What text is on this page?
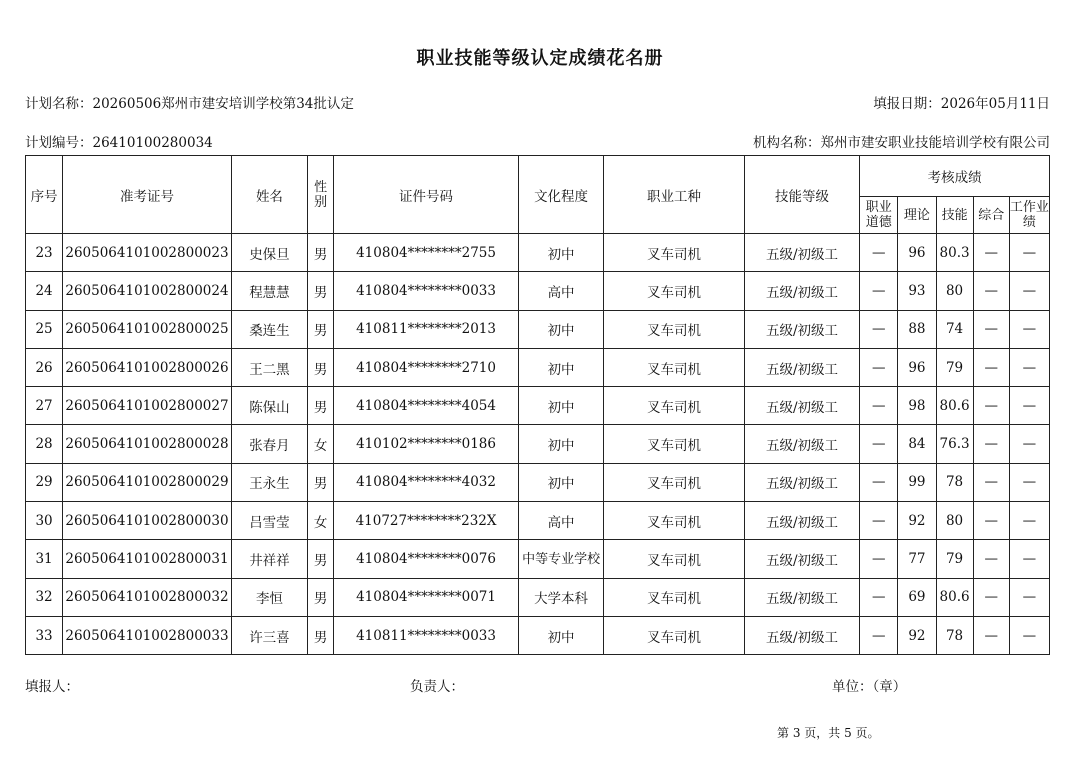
职业技能等级认定成绩花名册
计划名称：20260506郑州市建安培训学校第34批认定	填报日期：2026年05月11日
计划编号：26410100280034	机构名称：郑州市建安职业技能培训学校有限公司
序号	准考证号	姓名	性别	证件号码	文化程度	职业工种	技能等级	考核成绩				
								职业道德	理论	技能	综合	工作业绩
23	2605064101002800023	史保旦	男	410804********2755	初中	叉车司机	五级/初级工	—	96	80.3	—	—
24	2605064101002800024	程慧慧	男	410804********0033	高中	叉车司机	五级/初级工	—	93	80	—	—
25	2605064101002800025	桑连生	男	410811********2013	初中	叉车司机	五级/初级工	—	88	74	—	—
26	2605064101002800026	王二黑	男	410804********2710	初中	叉车司机	五级/初级工	—	96	79	—	—
27	2605064101002800027	陈保山	男	410804********4054	初中	叉车司机	五级/初级工	—	98	80.6	—	—
28	2605064101002800028	张春月	女	410102********0186	初中	叉车司机	五级/初级工	—	84	76.3	—	—
29	2605064101002800029	王永生	男	410804********4032	初中	叉车司机	五级/初级工	—	99	78	—	—
30	2605064101002800030	吕雪莹	女	410727********232X	高中	叉车司机	五级/初级工	—	92	80	—	—
31	2605064101002800031	井祥祥	男	410804********0076	中等专业学校	叉车司机	五级/初级工	—	77	79	—	—
32	2605064101002800032	李恒	男	410804********0071	大学本科	叉车司机	五级/初级工	—	69	80.6	—	—
33	2605064101002800033	许三喜	男	410811********0033	初中	叉车司机	五级/初级工	—	92	78	—	—
填报人：	负责人：	单位：（章）
第 3 页，共 5 页。
